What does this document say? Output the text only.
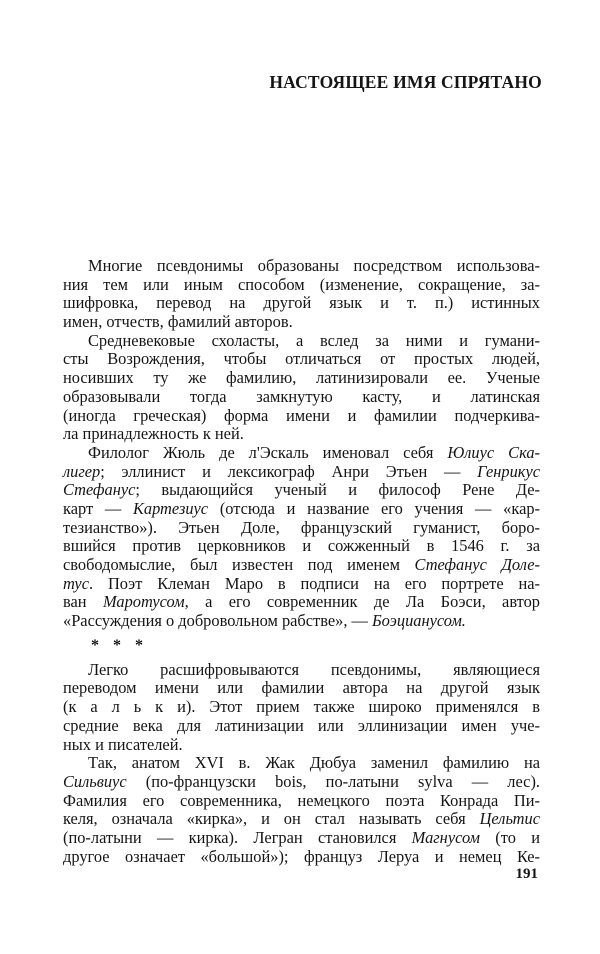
НАСТОЯЩЕЕ ИМЯ СПРЯТАНО
Многие псевдонимы образованы посредством использова-
ния тем или иным способом (изменение, сокращение, за-
шифровка, перевод на другой язык и т. п.) истинных
имен, отчеств, фамилий авторов.
Средневековые схоласты, а вслед за ними и гумани-
сты Возрождения, чтобы отличаться от простых людей,
носивших ту же фамилию, латинизировали ее. Ученые
образовывали тогда замкнутую касту, и латинская
(иногда греческая) форма имени и фамилии подчеркива-
ла принадлежность к ней.
Филолог Жюль де л'Эскаль именовал себя Юлиус Ска-
лигер; эллинист и лексикограф Анри Этьен — Генрикус
Стефанус; выдающийся ученый и философ Рене Де-
карт — Картезиус (отсюда и название его учения — «кар-
тезианство»). Этьен Доле, французский гуманист, боро-
вшийся против церковников и сожженный в 1546 г. за
свободомыслие, был известен под именем Стефанус Доле-
тус. Поэт Клеман Маро в подписи на его портрете на-
ван Маротусом, а его современник де Ла Боэси, автор
«Рассуждения о добровольном рабстве», — Боэцианусом.
* * *
Легко расшифровываются псевдонимы, являющиеся
переводом имени или фамилии автора на другой язык
(к а л ь к и). Этот прием также широко применялся в
средние века для латинизации или эллинизации имен уче-
ных и писателей.
Так, анатом XVI в. Жак Дюбуа заменил фамилию на
Сильвиус (по-французски bois, по-латыни sylva — лес).
Фамилия его современника, немецкого поэта Конрада Пи-
келя, означала «кирка», и он стал называть себя Цельтис
(по-латыни — кирка). Легран становился Магнусом (то и
другое означает «большой»); француз Леруа и немец Ке-
191
